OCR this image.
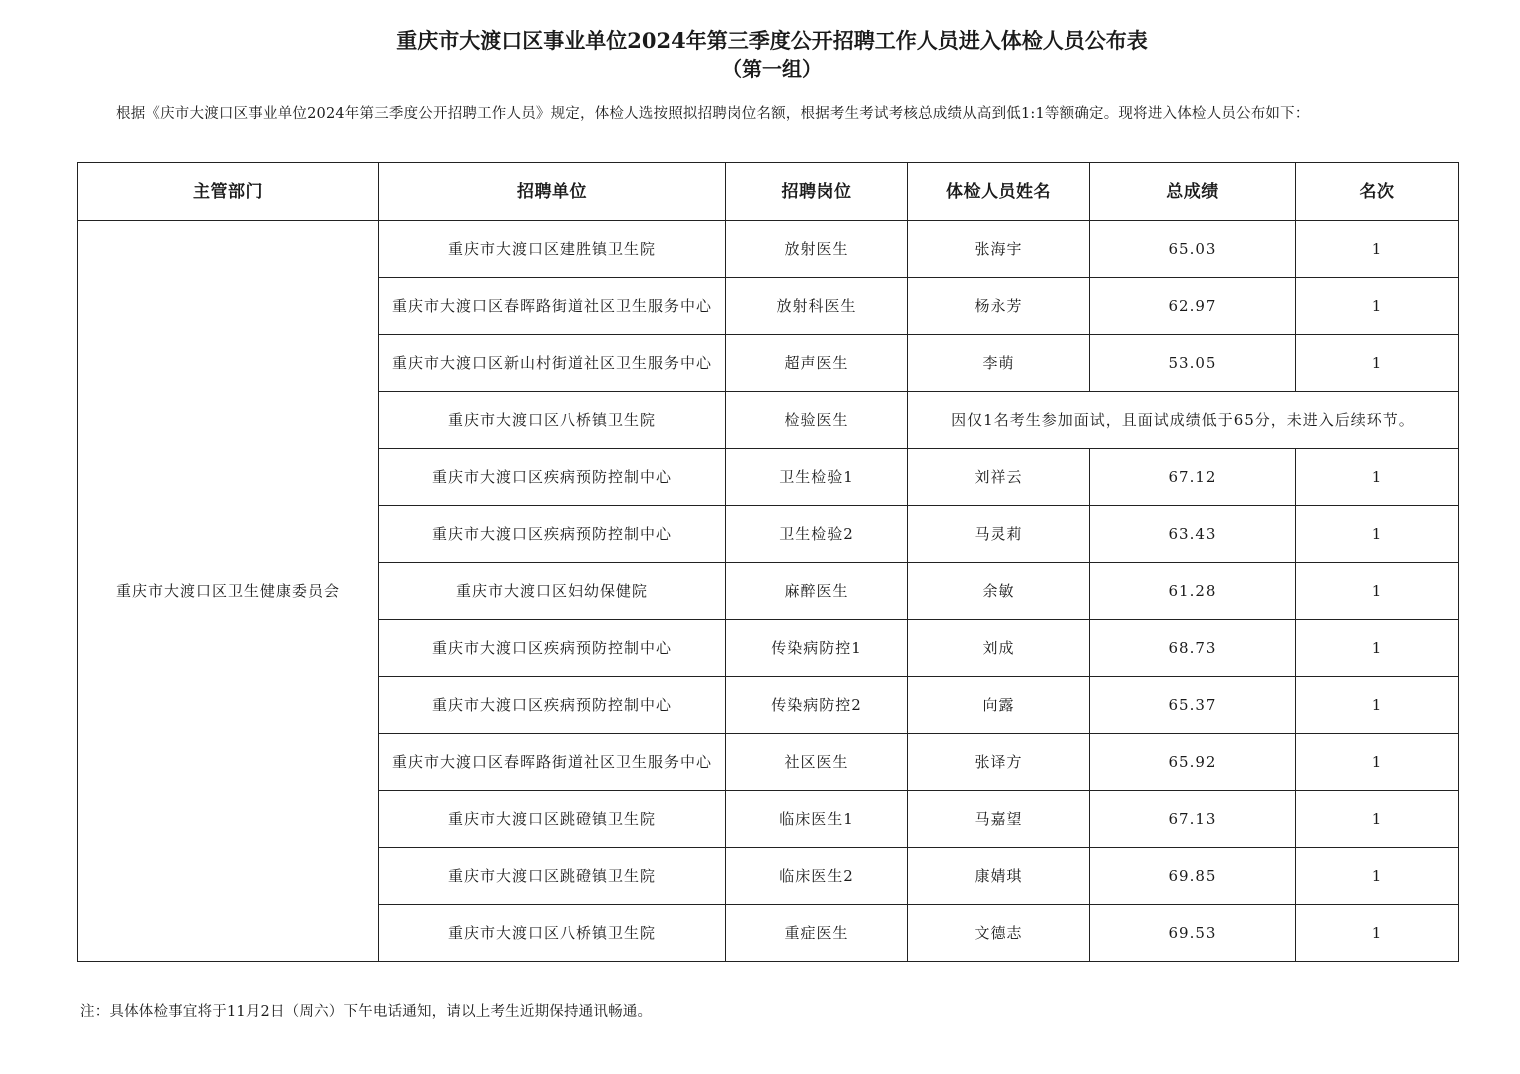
重庆市大渡口区事业单位2024年第三季度公开招聘工作人员进入体检人员公布表
（第一组）

根据《庆市大渡口区事业单位2024年第三季度公开招聘工作人员》规定，体检人选按照拟招聘岗位名额，根据考生考试考核总成绩从高到低1:1等额确定。现将进入体检人员公布如下：

主管部门	招聘单位	招聘岗位	体检人员姓名	总成绩	名次
重庆市大渡口区卫生健康委员会	重庆市大渡口区建胜镇卫生院	放射医生	张海宇	65.03	1
	重庆市大渡口区春晖路街道社区卫生服务中心	放射科医生	杨永芳	62.97	1
	重庆市大渡口区新山村街道社区卫生服务中心	超声医生	李萌	53.05	1
	重庆市大渡口区八桥镇卫生院	检验医生	因仅1名考生参加面试，且面试成绩低于65分，未进入后续环节。		
	重庆市大渡口区疾病预防控制中心	卫生检验1	刘祥云	67.12	1
	重庆市大渡口区疾病预防控制中心	卫生检验2	马灵莉	63.43	1
	重庆市大渡口区妇幼保健院	麻醉医生	余敏	61.28	1
	重庆市大渡口区疾病预防控制中心	传染病防控1	刘成	68.73	1
	重庆市大渡口区疾病预防控制中心	传染病防控2	向露	65.37	1
	重庆市大渡口区春晖路街道社区卫生服务中心	社区医生	张译方	65.92	1
	重庆市大渡口区跳磴镇卫生院	临床医生1	马嘉望	67.13	1
	重庆市大渡口区跳磴镇卫生院	临床医生2	康婧琪	69.85	1
	重庆市大渡口区八桥镇卫生院	重症医生	文德志	69.53	1

注：具体体检事宜将于11月2日（周六）下午电话通知，请以上考生近期保持通讯畅通。
